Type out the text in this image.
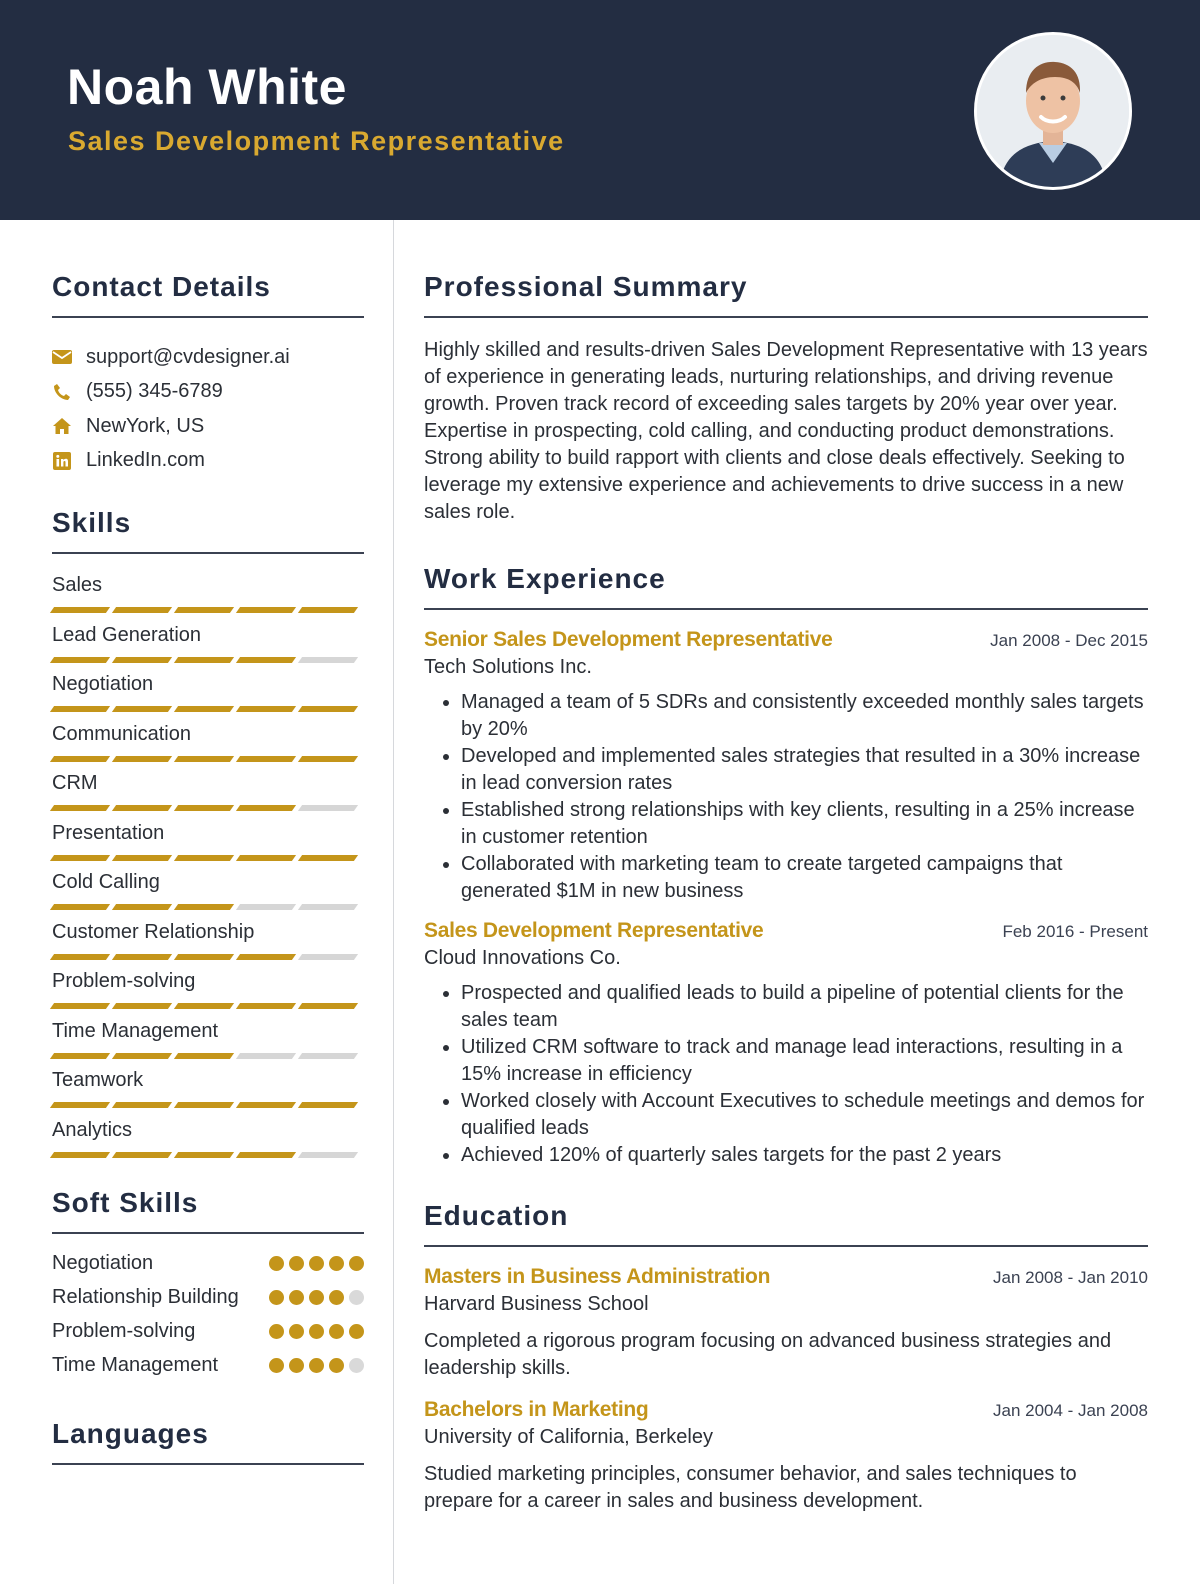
Noah White
Sales Development Representative
Contact Details
support@cvdesigner.ai
(555) 345-6789
NewYork, US
LinkedIn.com
Skills
Sales
Lead Generation
Negotiation
Communication
CRM
Presentation
Cold Calling
Customer Relationship
Problem-solving
Time Management
Teamwork
Analytics
Soft Skills
Negotiation
Relationship Building
Problem-solving
Time Management
Languages
Professional Summary

Highly skilled and results-driven Sales Development Representative with 13 years of experience in generating leads, nurturing relationships, and driving revenue growth. Proven track record of exceeding sales targets by 20% year over year. Expertise in prospecting, cold calling, and conducting product demonstrations. Strong ability to build rapport with clients and close deals effectively. Seeking to leverage my extensive experience and achievements to drive success in a new sales role.

Work Experience
Senior Sales Development Representative	Jan 2008 - Dec 2015
Tech Solutions Inc.
• Managed a team of 5 SDRs and consistently exceeded monthly sales targets by 20%
• Developed and implemented sales strategies that resulted in a 30% increase in lead conversion rates
• Established strong relationships with key clients, resulting in a 25% increase in customer retention
• Collaborated with marketing team to create targeted campaigns that generated $1M in new business
Sales Development Representative	Feb 2016 - Present
Cloud Innovations Co.
• Prospected and qualified leads to build a pipeline of potential clients for the sales team
• Utilized CRM software to track and manage lead interactions, resulting in a 15% increase in efficiency
• Worked closely with Account Executives to schedule meetings and demos for qualified leads
• Achieved 120% of quarterly sales targets for the past 2 years
Education
Masters in Business Administration	Jan 2008 - Jan 2010
Harvard Business School

Completed a rigorous program focusing on advanced business strategies and leadership skills.

Bachelors in Marketing	Jan 2004 - Jan 2008
University of California, Berkeley

Studied marketing principles, consumer behavior, and sales techniques to prepare for a career in sales and business development.
